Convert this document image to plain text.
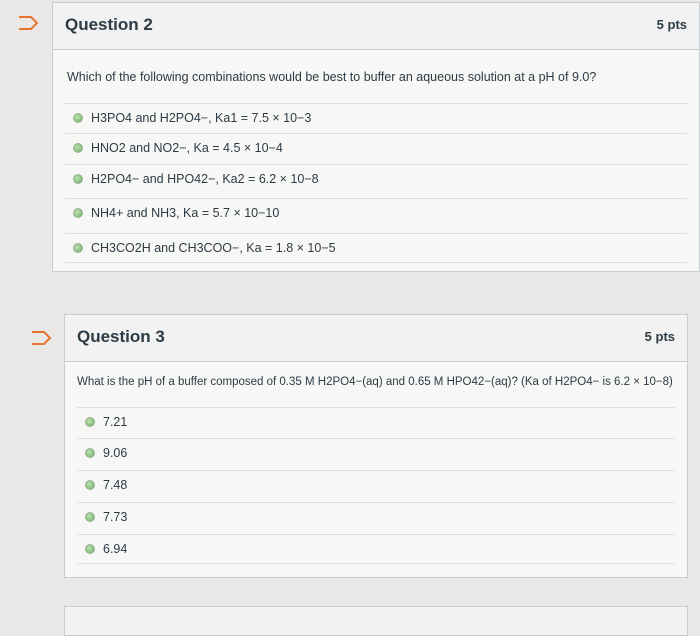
Question 2	5 pts
Which of the following combinations would be best to buffer an aqueous solution at a pH of 9.0?
H3PO4 and H2PO4−, Ka1 = 7.5 × 10−3
HNO2 and NO2−, Ka = 4.5 × 10−4
H2PO4− and HPO42−, Ka2 = 6.2 × 10−8
NH4+ and NH3, Ka = 5.7 × 10−10
CH3CO2H and CH3COO−, Ka = 1.8 × 10−5
Question 3	5 pts
What is the pH of a buffer composed of 0.35 M H2PO4−(aq) and 0.65 M HPO42−(aq)? (Ka of H2PO4− is 6.2 × 10−8)
7.21
9.06
7.48
7.73
6.94
